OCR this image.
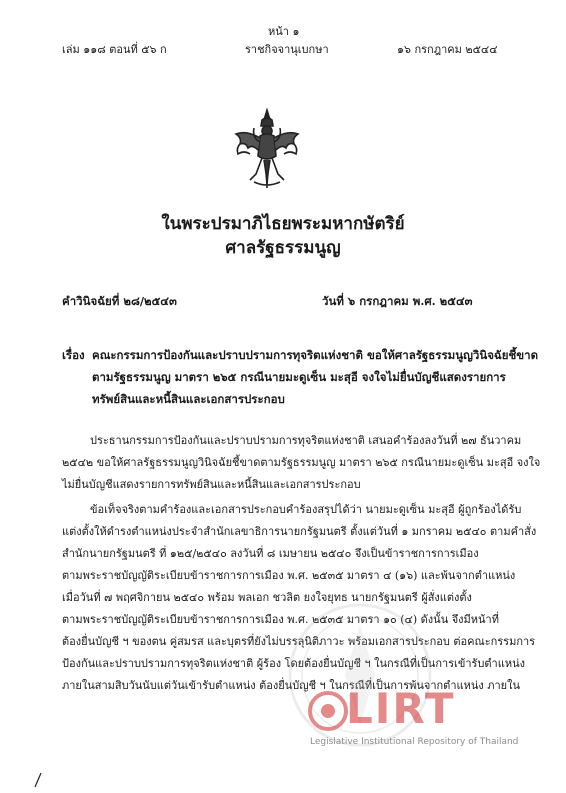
หน้า ๑
เล่ม ๑๑๘ ตอนที่ ๕๖ ก	ราชกิจจานุเบกษา	๑๖ กรกฎาคม ๒๕๔๔
ในพระปรมาภิไธยพระมหากษัตริย์
ศาลรัฐธรรมนูญ
คำวินิจฉัยที่ ๒๘/๒๕๔๓	วันที่ ๖ กรกฎาคม พ.ศ. ๒๕๔๓
เรื่อง คณะกรรมการป้องกันและปราบปรามการทุจริตแห่งชาติ ขอให้ศาลรัฐธรรมนูญวินิจฉัยชี้ขาด
ตามรัฐธรรมนูญ มาตรา ๒๖๕ กรณีนายมะดูเซ็น มะสุอี จงใจไม่ยื่นบัญชีแสดงรายการ
ทรัพย์สินและหนี้สินและเอกสารประกอบ
ประธานกรรมการป้องกันและปราบปรามการทุจริตแห่งชาติ เสนอคำร้องลงวันที่ ๒๗ ธันวาคม
๒๕๔๒ ขอให้ศาลรัฐธรรมนูญวินิจฉัยชี้ขาดตามรัฐธรรมนูญ มาตรา ๒๖๕ กรณีนายมะดูเซ็น มะสุอี จงใจ
ไม่ยื่นบัญชีแสดงรายการทรัพย์สินและหนี้สินและเอกสารประกอบ
ข้อเท็จจริงตามคำร้องและเอกสารประกอบคำร้องสรุปได้ว่า นายมะดูเซ็น มะสุอี ผู้ถูกร้องได้รับ
แต่งตั้งให้ดำรงตำแหน่งประจำสำนักเลขาธิการนายกรัฐมนตรี ตั้งแต่วันที่ ๑ มกราคม ๒๕๔๐ ตามคำสั่ง
สำนักนายกรัฐมนตรี ที่ ๑๒๕/๒๕๔๐ ลงวันที่ ๘ เมษายน ๒๕๔๐ จึงเป็นข้าราชการการเมือง
ตามพระราชบัญญัติระเบียบข้าราชการการเมือง พ.ศ. ๒๕๓๕ มาตรา ๔ (๑๖) และพ้นจากตำแหน่ง
เมื่อวันที่ ๗ พฤศจิกายน ๒๕๔๐ พร้อม พลเอก ชวลิต ยงใจยุทธ นายกรัฐมนตรี ผู้สั่งแต่งตั้ง
ตามพระราชบัญญัติระเบียบข้าราชการการเมือง พ.ศ. ๒๕๓๕ มาตรา ๑๐ (๔) ดังนั้น จึงมีหน้าที่
ต้องยื่นบัญชี ฯ ของตน คู่สมรส และบุตรที่ยังไม่บรรลุนิติภาวะ พร้อมเอกสารประกอบ ต่อคณะกรรมการ
ป้องกันและปราบปรามการทุจริตแห่งชาติ ผู้ร้อง โดยต้องยื่นบัญชี ฯ ในกรณีที่เป็นการเข้ารับตำแหน่ง
ภายในสามสิบวันนับแต่วันเข้ารับตำแหน่ง ต้องยื่นบัญชี ฯ ในกรณีที่เป็นการพ้นจากตำแหน่ง ภายใน
LIRT
Legislative Institutional Repository of Thailand
